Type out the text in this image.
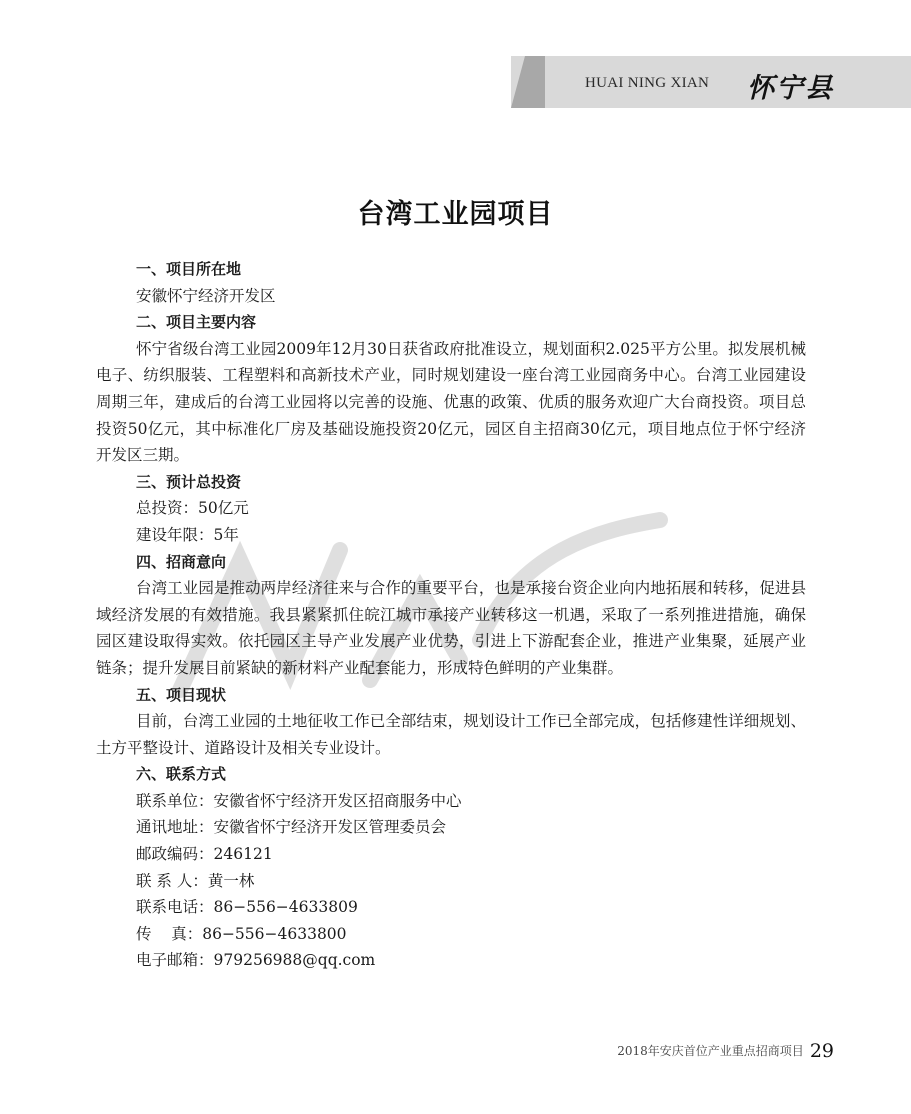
HUAI NING XIAN 怀宁县
台湾工业园项目

一、项目所在地

安徽怀宁经济开发区

二、项目主要内容

怀宁省级台湾工业园2009年12月30日获省政府批准设立，规划面积2.025平方公里。拟发展机械电子、纺织服装、工程塑料和高新技术产业，同时规划建设一座台湾工业园商务中心。台湾工业园建设周期三年，建成后的台湾工业园将以完善的设施、优惠的政策、优质的服务欢迎广大台商投资。项目总投资50亿元，其中标准化厂房及基础设施投资20亿元，园区自主招商30亿元，项目地点位于怀宁经济开发区三期。

三、预计总投资

总投资：50亿元

建设年限：5年

四、招商意向

台湾工业园是推动两岸经济往来与合作的重要平台，也是承接台资企业向内地拓展和转移，促进县域经济发展的有效措施。我县紧紧抓住皖江城市承接产业转移这一机遇，采取了一系列推进措施，确保园区建设取得实效。依托园区主导产业发展产业优势，引进上下游配套企业，推进产业集聚，延展产业链条；提升发展目前紧缺的新材料产业配套能力，形成特色鲜明的产业集群。

五、项目现状

目前，台湾工业园的土地征收工作已全部结束，规划设计工作已全部完成，包括修建性详细规划、土方平整设计、道路设计及相关专业设计。

六、联系方式

联系单位： 安徽省怀宁经济开发区招商服务中心
通讯地址： 安徽省怀宁经济开发区管理委员会
邮政编码： 246121
联 系 人： 黄一林
联系电话： 86−556−4633809
传    真： 86−556−4633800
电子邮箱： 979256988@qq.com
2018年安庆首位产业重点招商项目 29
